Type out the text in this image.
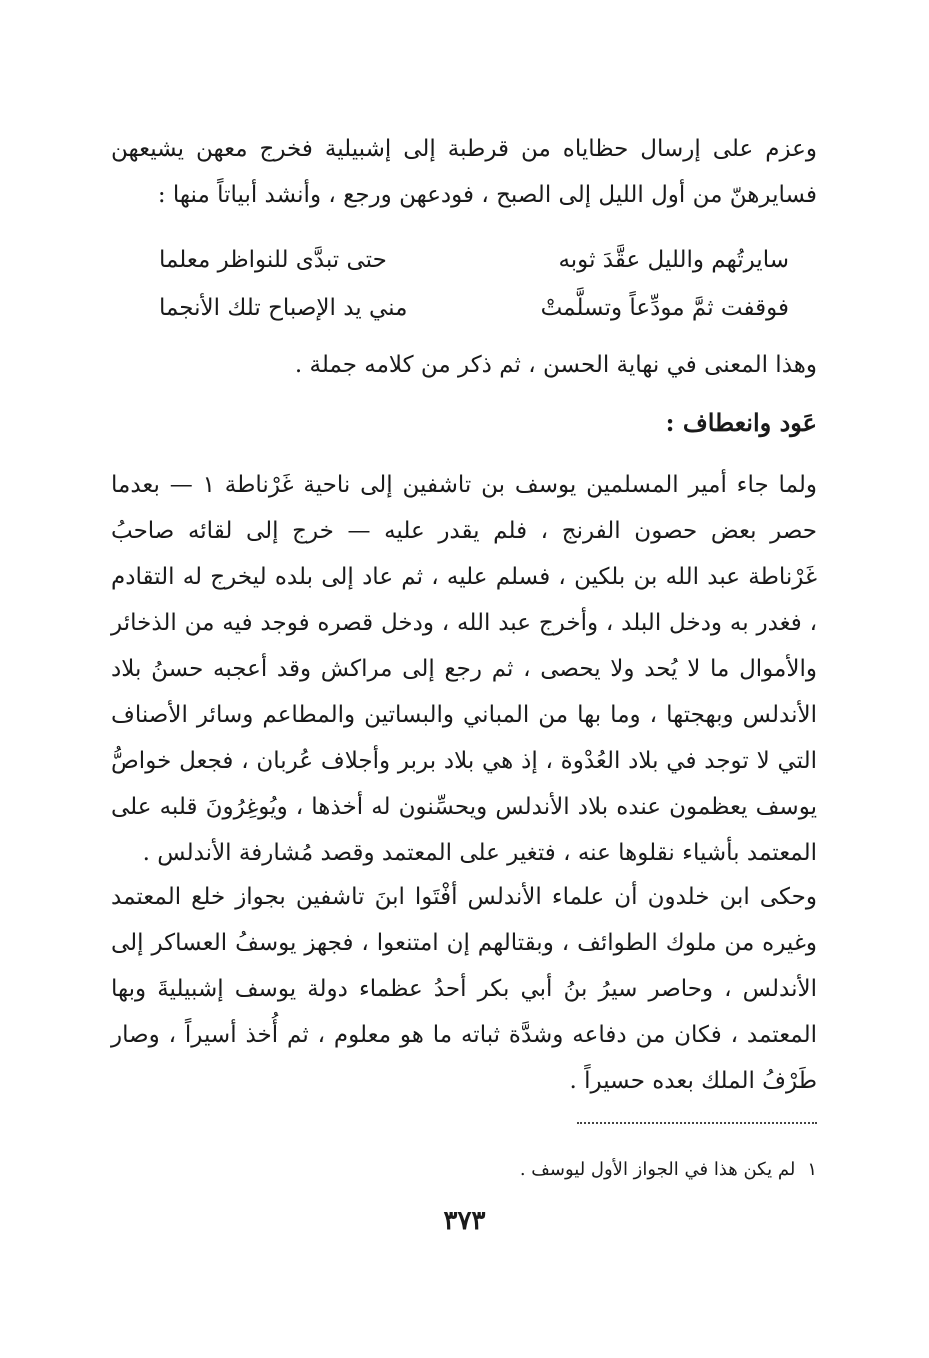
وعزم على إرسال حظاياه من قرطبة إلى إشبيلية فخرج معهن يشيعهن فسايرهنّ من أول الليل إلى الصبح ، فودعهن ورجع ، وأنشد أبياتاً منها :

سايرتُهم والليل عقَّدَ ثوبه
حتى تبدَّى للنواظر معلما
فوقفت ثمَّ مودِّعاً وتسلَّمتْ
مني يد الإصباح تلك الأنجما

وهذا المعنى في نهاية الحسن ، ثم ذكر من كلامه جملة .

عَود وانعطاف :

ولما جاء أمير المسلمين يوسف بن تاشفين إلى ناحية غَرْناطة ١ — بعدما حصر بعض حصون الفرنج ، فلم يقدر عليه — خرج إلى لقائه صاحبُ غَرْناطة عبد الله بن بلكين ، فسلم عليه ، ثم عاد إلى بلده ليخرج له التقادم ، فغدر به ودخل البلد ، وأخرج عبد الله ، ودخل قصره فوجد فيه من الذخائر والأموال ما لا يُحد ولا يحصى ، ثم رجع إلى مراكش وقد أعجبه حسنُ بلاد الأندلس وبهجتها ، وما بها من المباني والبساتين والمطاعم وسائر الأصناف التي لا توجد في بلاد العُدْوة ، إذ هي بلاد بربر وأجلاف عُربان ، فجعل خواصُّ يوسف يعظمون عنده بلاد الأندلس ويحسِّنون له أخذها ، ويُوغِرُونَ قلبه على المعتمد بأشياء نقلوها عنه ، فتغير على المعتمد وقصد مُشارفة الأندلس .

وحكى ابن خلدون أن علماء الأندلس أفْتَوا ابنَ تاشفين بجواز خلع المعتمد وغيره من ملوك الطوائف ، وبقتالهم إن امتنعوا ، فجهز يوسفُ العساكر إلى الأندلس ، وحاصر سيرُ بنُ أبي بكر أحدُ عظماء دولة يوسف إشبيليةَ وبها المعتمد ، فكان من دفاعه وشدَّة ثباته ما هو معلوم ، ثم أُخذ أسيراً ، وصار طَرْفُ الملك بعده حسيراً .

١لم يكن هذا في الجواز الأول ليوسف .
٣٧٣
